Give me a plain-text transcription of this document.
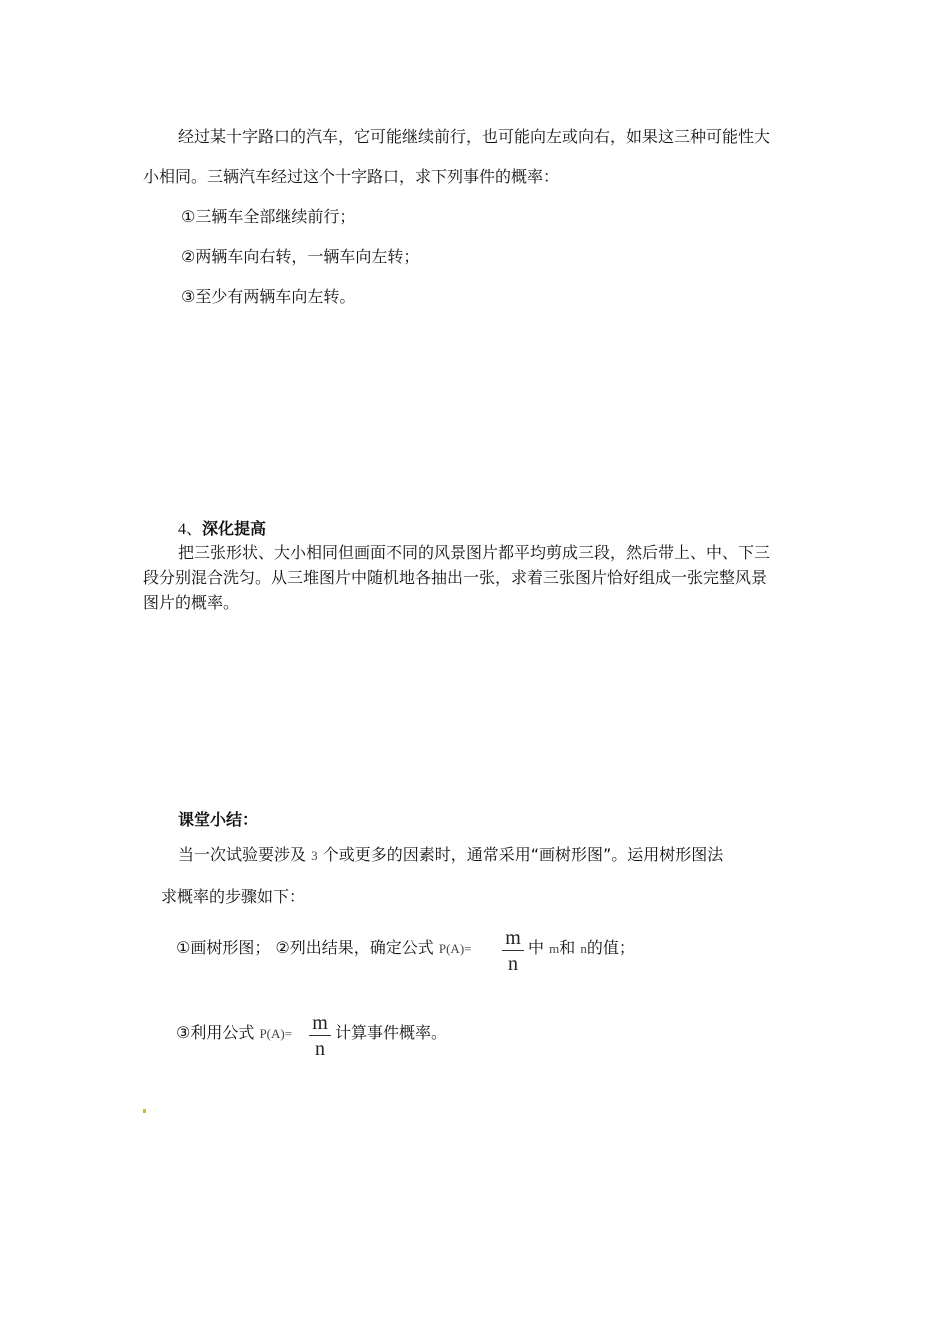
经过某十字路口的汽车，它可能继续前行，也可能向左或向右，如果这三种可能性大
小相同。三辆汽车经过这个十字路口，求下列事件的概率：
①三辆车全部继续前行；
②两辆车向右转，一辆车向左转；
③至少有两辆车向左转。
4、深化提高
把三张形状、大小相同但画面不同的风景图片都平均剪成三段，然后带上、中、下三
段分别混合洗匀。从三堆图片中随机地各抽出一张，求着三张图片恰好组成一张完整风景
图片的概率。
课堂小结：
当一次试验要涉及 3 个或更多的因素时，通常采用“画树形图”。运用树形图法
求概率的步骤如下：
①画树形图； ②列出结果，确定公式 P(A)= m
n
中 m和 n的值；
③利用公式 P(A)= m
n
计算事件概率。
